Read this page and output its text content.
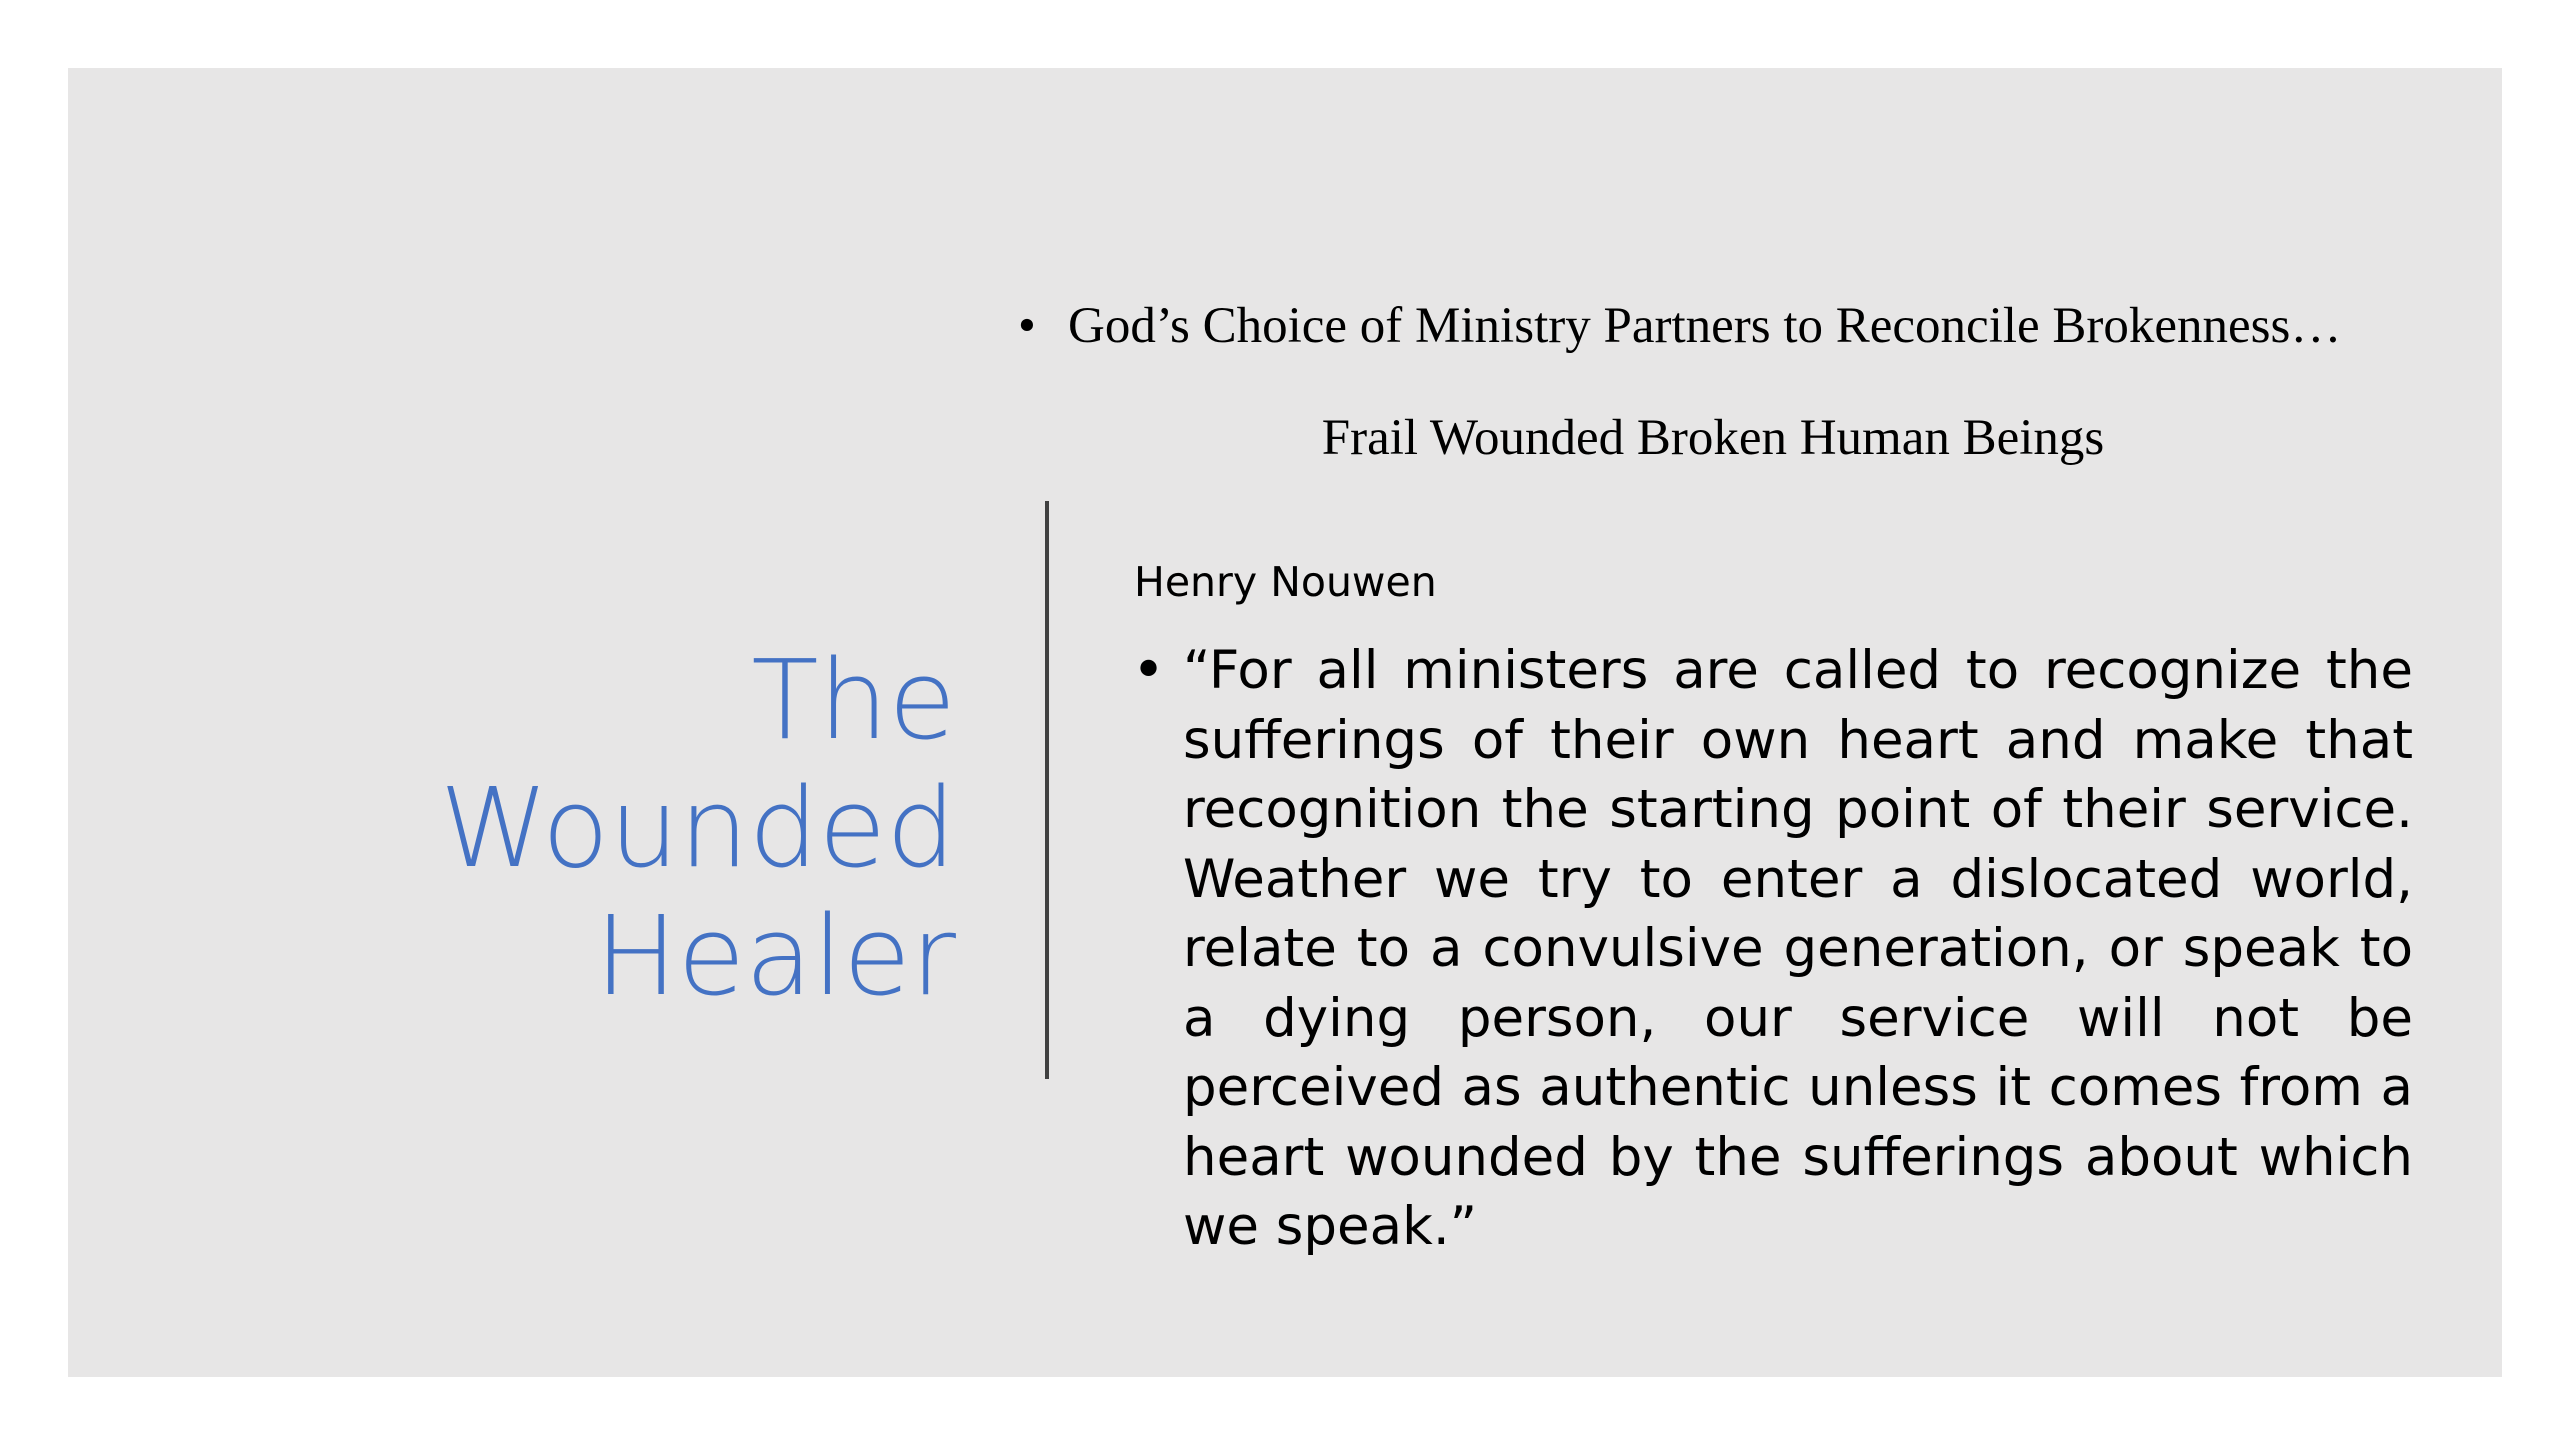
The Wounded
Healer
• God’s Choice of Ministry Partners to Reconcile Brokenness…
Frail Wounded Broken Human Beings
Henry Nouwen
• “For all ministers are called to recognize the sufferings of their own heart and make that recognition the starting point of their service. Weather we try to enter a dislocated world, relate to a convulsive generation, or speak to a dying person, our service will not be perceived as authentic unless it comes from a heart wounded by the sufferings about which we speak.”
